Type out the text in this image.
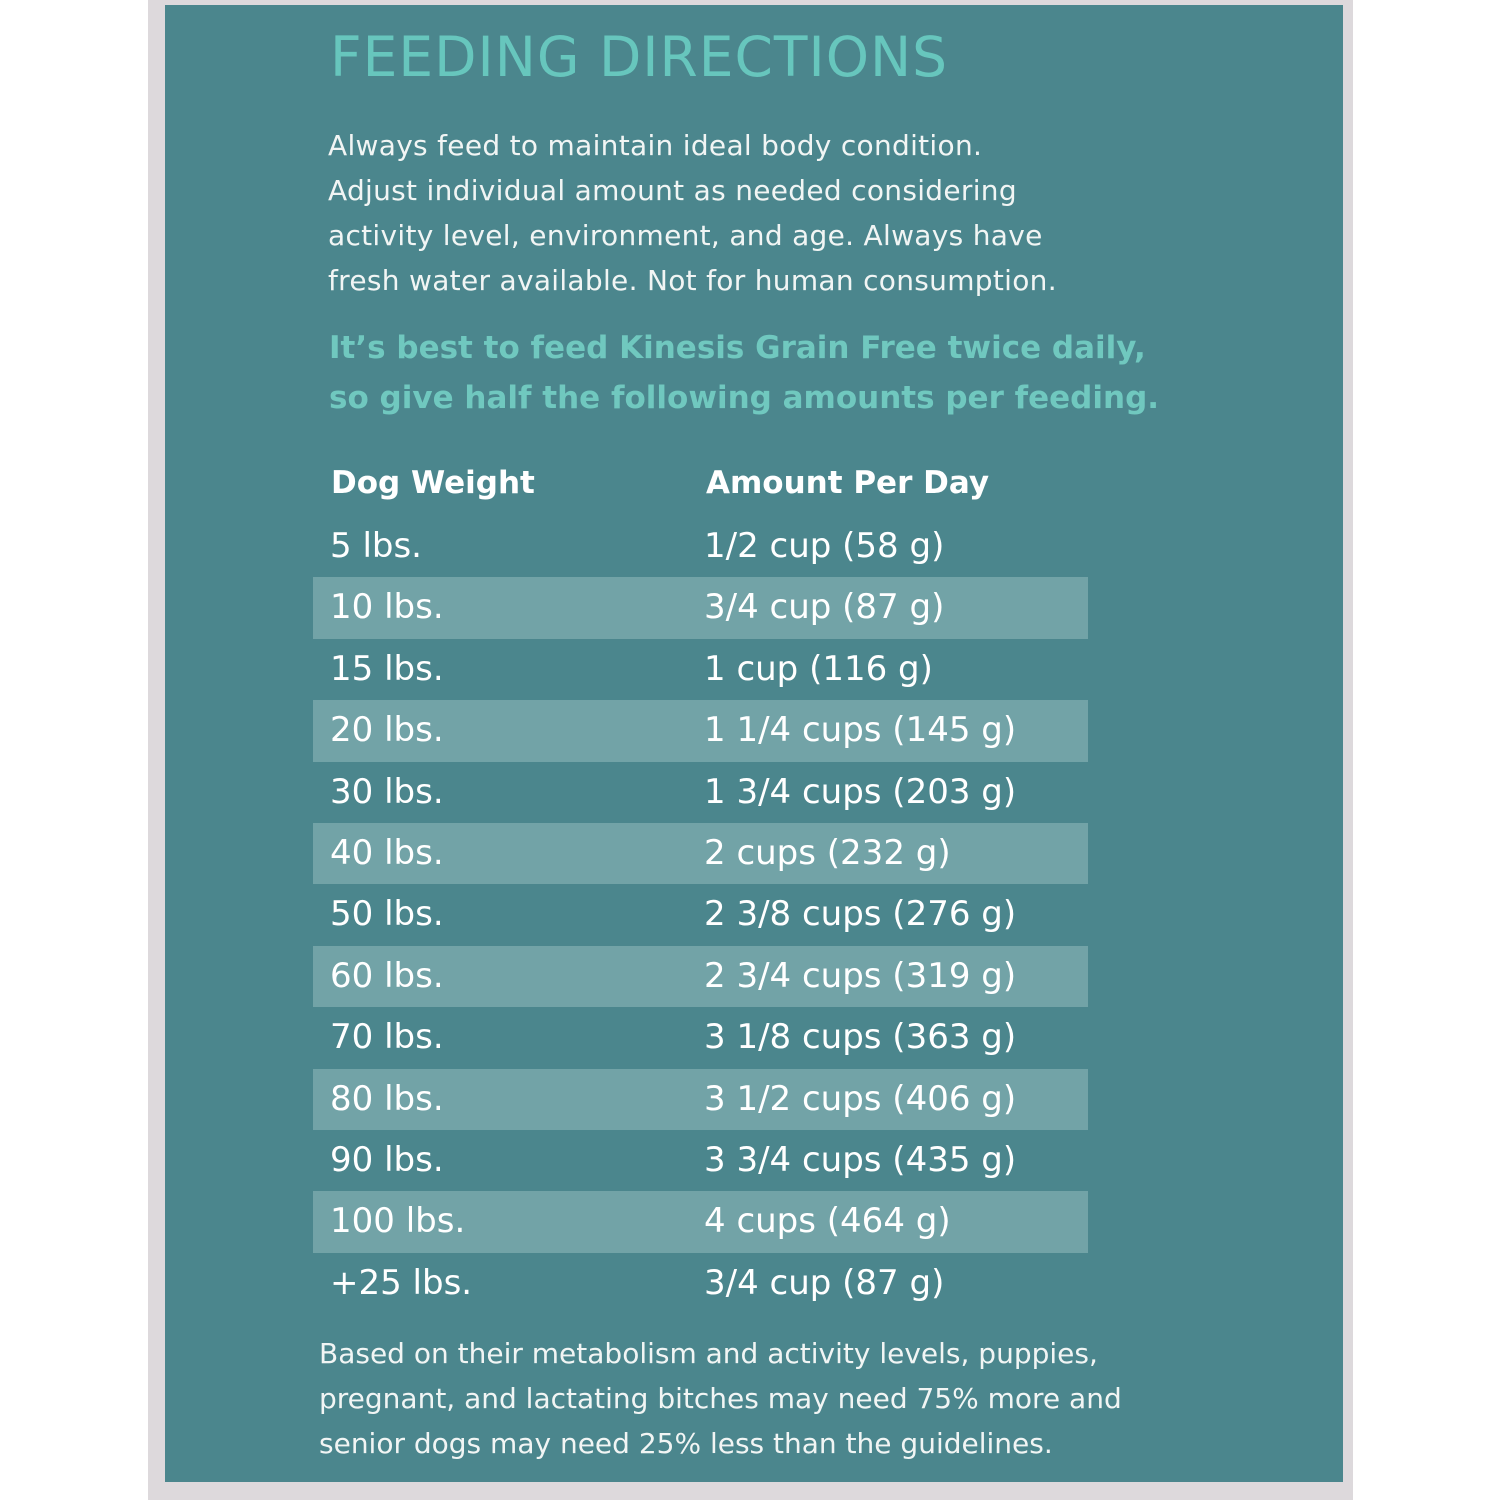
FEEDING DIRECTIONS
Always feed to maintain ideal body condition.
Adjust individual amount as needed considering
activity level, environment, and age. Always have
fresh water available. Not for human consumption.
It’s best to feed Kinesis Grain Free twice daily,
so give half the following amounts per feeding.
Dog Weight	Amount Per Day
5 lbs.	1/2 cup (58 g)
10 lbs.	3/4 cup (87 g)
15 lbs.	1 cup (116 g)
20 lbs.	1 1/4 cups (145 g)
30 lbs.	1 3/4 cups (203 g)
40 lbs.	2 cups (232 g)
50 lbs.	2 3/8 cups (276 g)
60 lbs.	2 3/4 cups (319 g)
70 lbs.	3 1/8 cups (363 g)
80 lbs.	3 1/2 cups (406 g)
90 lbs.	3 3/4 cups (435 g)
100 lbs.	4 cups (464 g)
+25 lbs.	3/4 cup (87 g)
Based on their metabolism and activity levels, puppies,
pregnant, and lactating bitches may need 75% more and
senior dogs may need 25% less than the guidelines.
